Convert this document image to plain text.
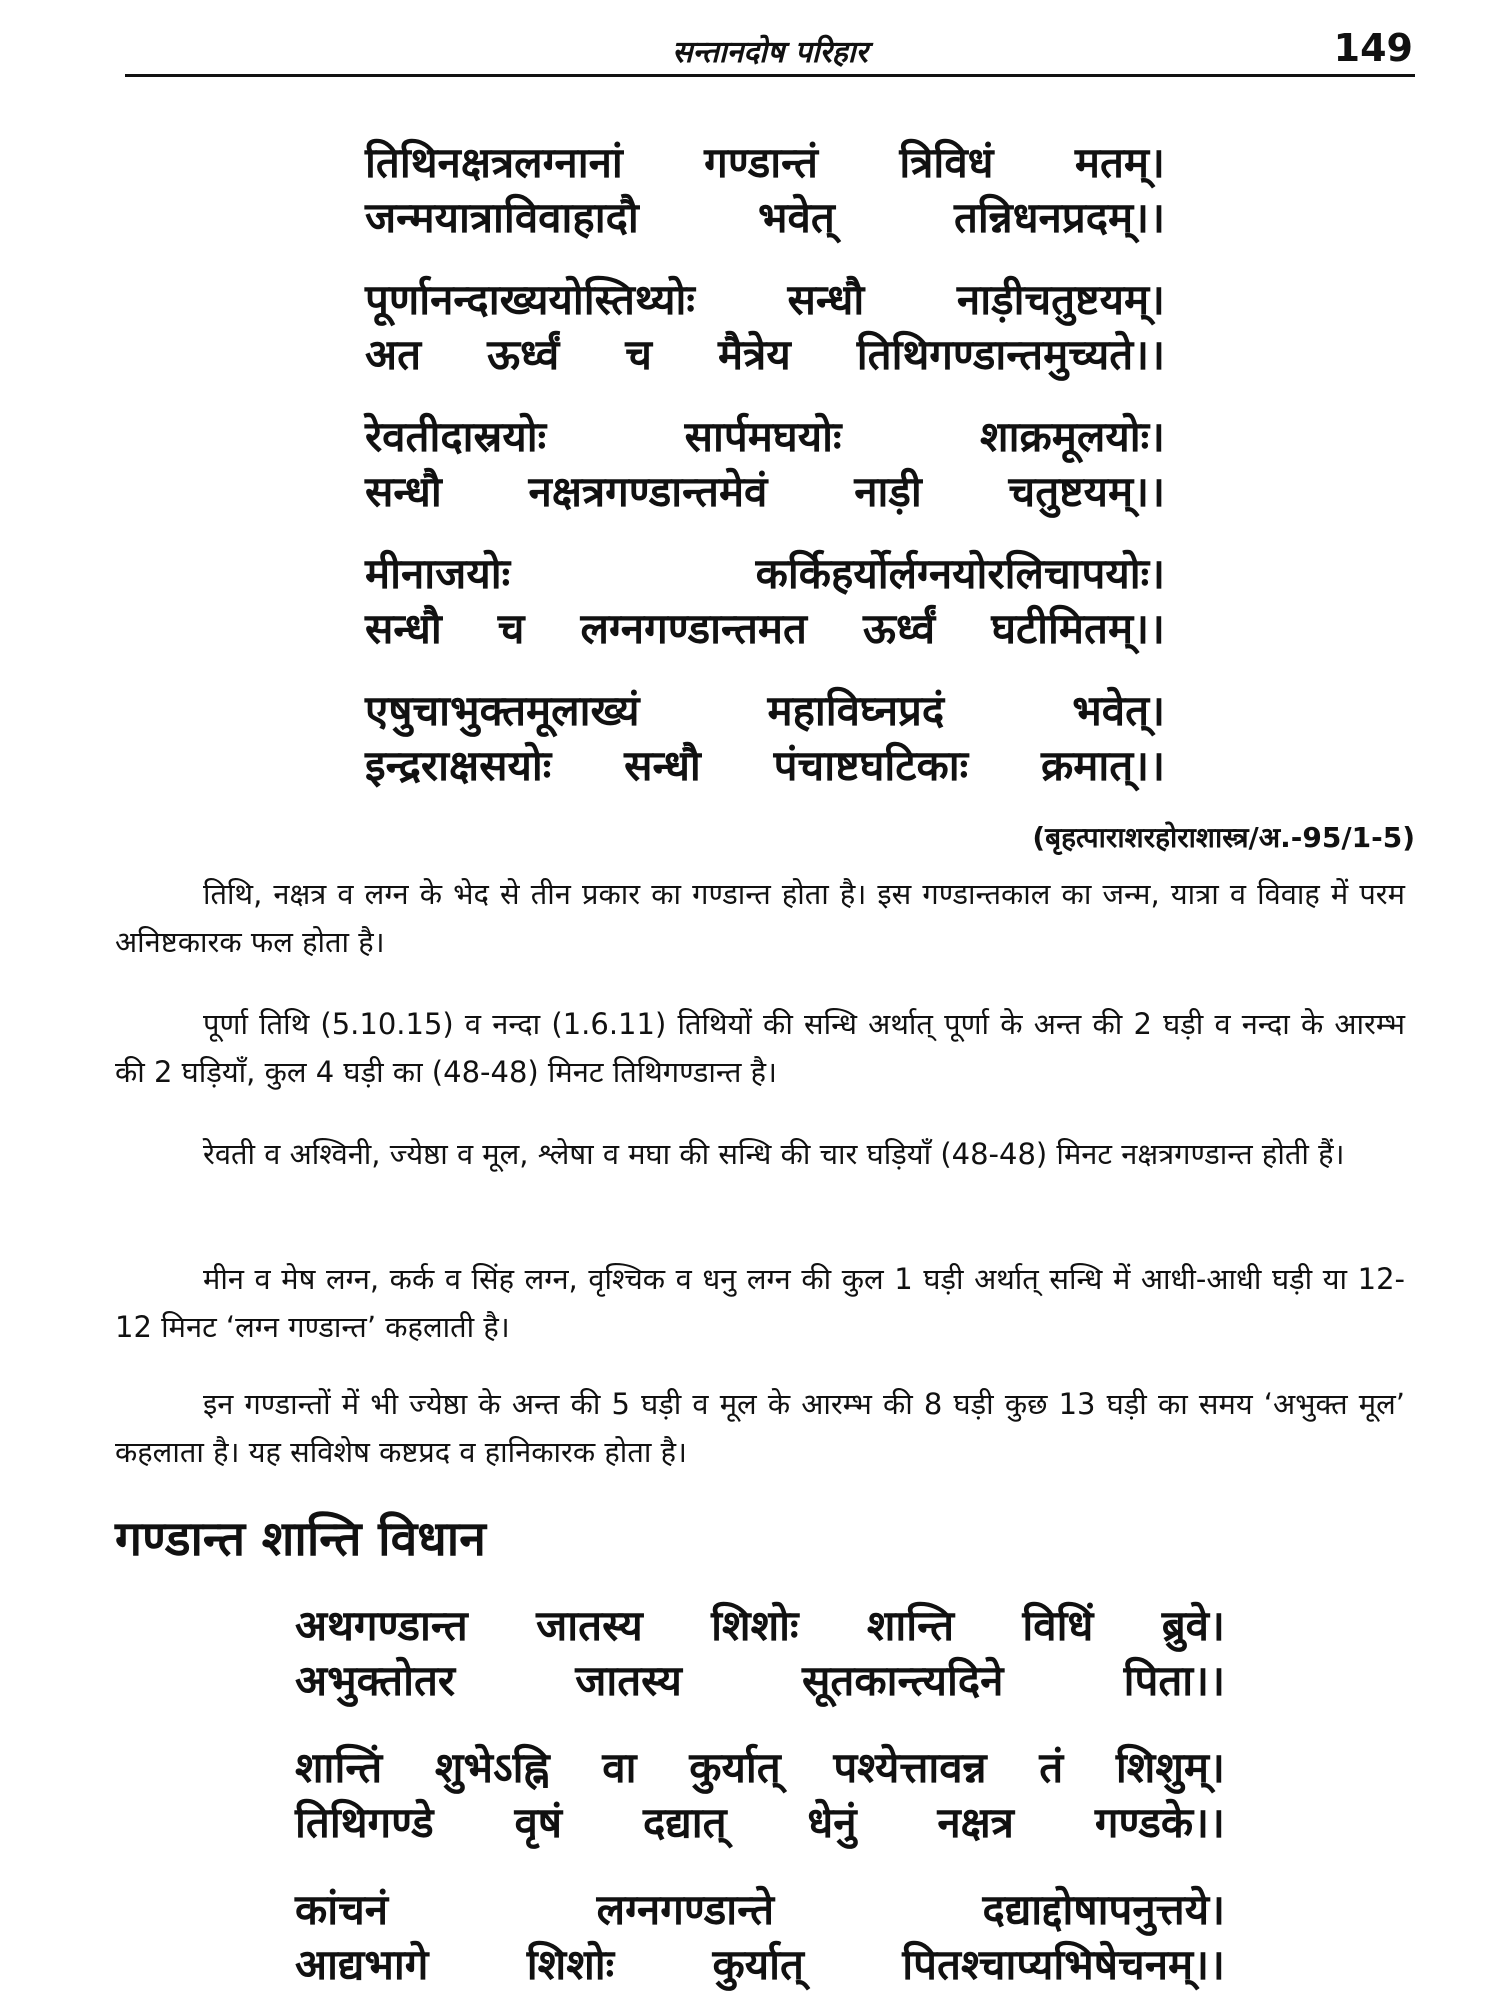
सन्तानदोष परिहार	149
तिथिनक्षत्रलग्नानां गण्डान्तं त्रिविधं मतम्।
जन्मयात्राविवाहादौ	भवेत्	तन्निधनप्रदम्।।
पूर्णानन्दाख्ययोस्तिथ्योः सन्धौ नाड़ीचतुष्टयम्।
अत ऊर्ध्वं च मैत्रेय तिथिगण्डान्तमुच्यते।।
रेवतीदास्रयोः	सार्पमघयोः	शाक्रमूलयोः।
सन्धौ नक्षत्रगण्डान्तमेवं नाड़ी चतुष्टयम्।।
मीनाजयोः	कर्किहर्योर्लग्नयोरलिचापयोः।
सन्धौ च लग्नगण्डान्तमत ऊर्ध्वं घटीमितम्।।
एषुचाभुक्तमूलाख्यं	महाविघ्नप्रदं	भवेत्।
इन्द्रराक्षसयोः सन्धौ पंचाष्टघटिकाः क्रमात्।।
(बृहत्पाराशरहोराशास्त्र/अ.-95/1-5)

तिथि, नक्षत्र व लग्न के भेद से तीन प्रकार का गण्डान्त होता है। इस गण्डान्तकाल का जन्म, यात्रा व विवाह में परम अनिष्टकारक फल होता है।

पूर्णा तिथि (5.10.15) व नन्दा (1.6.11) तिथियों की सन्धि अर्थात् पूर्णा के अन्त की 2 घड़ी व नन्दा के आरम्भ की 2 घड़ियाँ, कुल 4 घड़ी का (48-48) मिनट तिथिगण्डान्त है।

रेवती व अश्विनी, ज्येष्ठा व मूल, श्लेषा व मघा की सन्धि की चार घड़ियाँ (48-48) मिनट नक्षत्रगण्डान्त होती हैं।

मीन व मेष लग्न, कर्क व सिंह लग्न, वृश्चिक व धनु लग्न की कुल 1 घड़ी अर्थात् सन्धि में आधी-आधी घड़ी या 12-12 मिनट ‘लग्न गण्डान्त’ कहलाती है।

इन गण्डान्तों में भी ज्येष्ठा के अन्त की 5 घड़ी व मूल के आरम्भ की 8 घड़ी कुछ 13 घड़ी का समय ‘अभुक्त मूल’ कहलाता है। यह सविशेष कष्टप्रद व हानिकारक होता है।

गण्डान्त शान्ति विधान
अथगण्डान्त जातस्य शिशोः शान्ति विधिं ब्रुवे।
अभुक्तोतर	जातस्य	सूतकान्त्यदिने	पिता।।
शान्तिं शुभेऽह्नि वा कुर्यात् पश्येत्तावन्न तं शिशुम्।
तिथिगण्डे वृषं दद्यात् धेनुं नक्षत्र गण्डके।।
कांचनं	लग्नगण्डान्ते	दद्याद्दोषापनुत्तये।
आद्यभागे शिशोः कुर्यात् पितश्चाप्यभिषेचनम्।।
